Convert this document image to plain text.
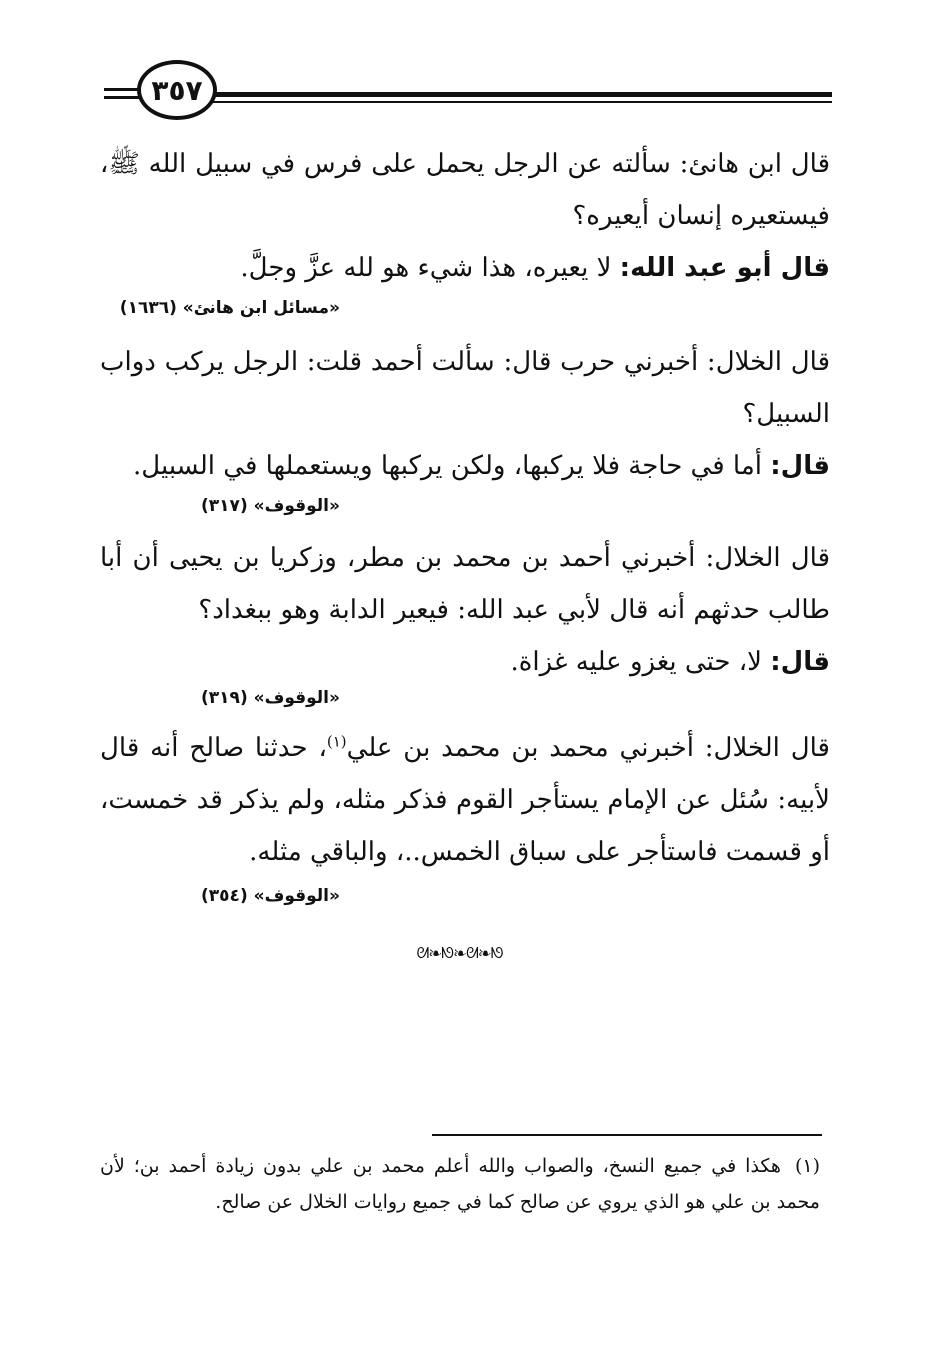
٣٥٧
قال ابن هانئ: سألته عن الرجل يحمل على فرس في سبيل الله ﷺ، فيستعيره إنسان أيعيره؟
قال أبو عبد الله: لا يعيره، هذا شيء هو لله عزَّ وجلَّ.
«مسائل ابن هانئ» (١٦٣٦)
قال الخلال: أخبرني حرب قال: سألت أحمد قلت: الرجل يركب دواب السبيل؟
قال: أما في حاجة فلا يركبها، ولكن يركبها ويستعملها في السبيل.
«الوقوف» (٣١٧)
قال الخلال: أخبرني أحمد بن محمد بن مطر، وزكريا بن يحيى أن أبا طالب حدثهم أنه قال لأبي عبد الله: فيعير الدابة وهو ببغداد؟
قال: لا، حتى يغزو عليه غزاة.
«الوقوف» (٣١٩)
قال الخلال: أخبرني محمد بن محمد بن علي$^{(١)}$، حدثنا صالح أنه قال لأبيه: سُئل عن الإمام يستأجر القوم فذكر مثله، ولم يذكر قد خمست، أو قسمت فاستأجر على سباق الخمس..، والباقي مثله.
«الوقوف» (٣٥٤)
ᘛ❧ᘚ❧ᘛ❧ᘚ
(١)هكذا في جميع النسخ، والصواب والله أعلم محمد بن علي بدون زيادة أحمد بن؛ لأن محمد بن علي هو الذي يروي عن صالح كما في جميع روايات الخلال عن صالح.
